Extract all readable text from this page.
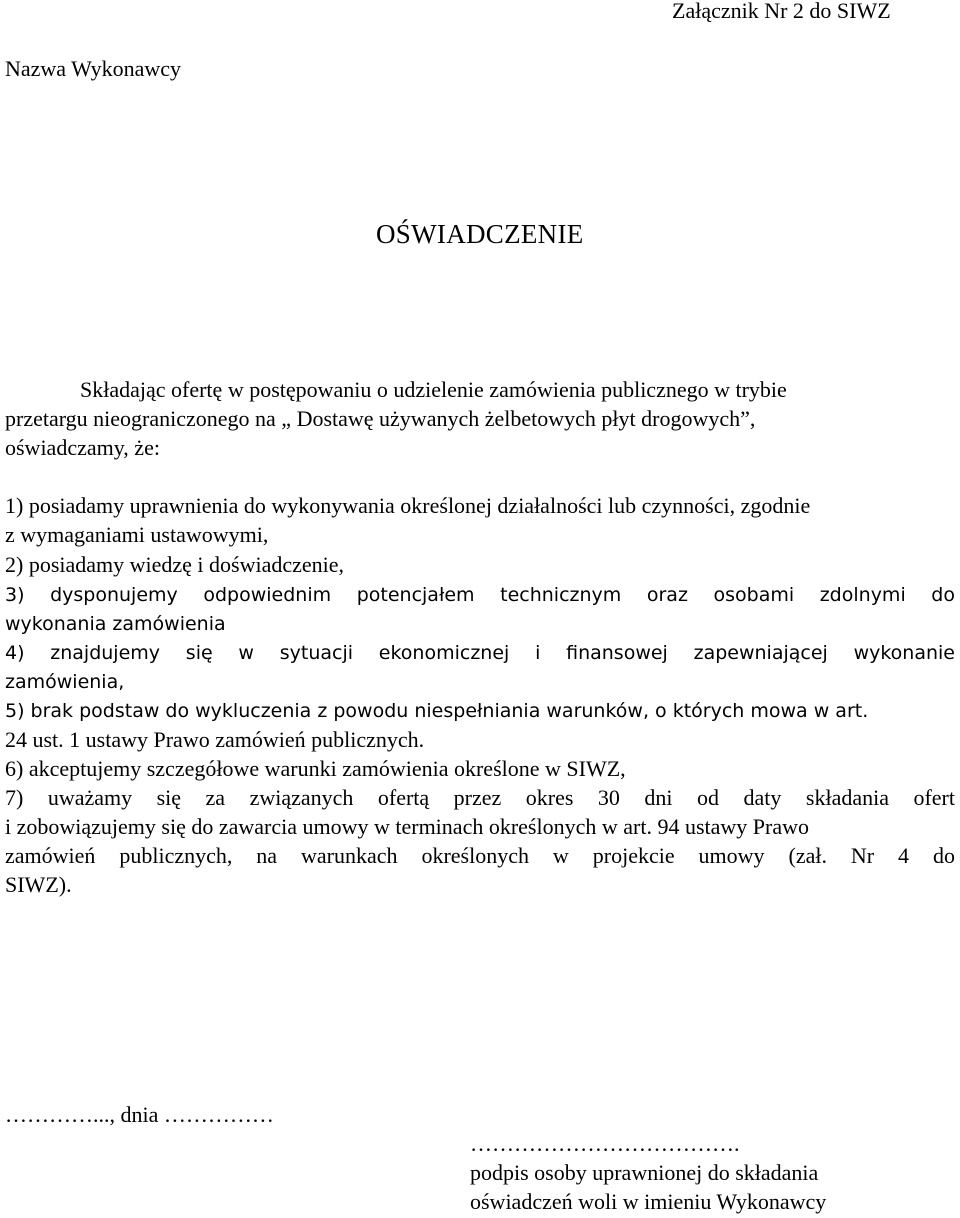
Załącznik Nr 2 do SIWZ
Nazwa Wykonawcy
OŚWIADCZENIE
Składając ofertę w postępowaniu o udzielenie zamówienia publicznego w trybie
przetargu nieograniczonego na „ Dostawę używanych żelbetowych płyt drogowych”,
oświadczamy, że:
1) posiadamy uprawnienia do wykonywania określonej działalności lub czynności, zgodnie
z wymaganiami ustawowymi,
2) posiadamy wiedzę i doświadczenie,
3) dysponujemy odpowiednim potencjałem technicznym oraz osobami zdolnymi do
wykonania zamówienia
4) znajdujemy się w sytuacji ekonomicznej i finansowej zapewniającej wykonanie
zamówienia,
5) brak podstaw do wykluczenia z powodu niespełniania warunków, o których mowa w art.
24 ust. 1 ustawy Prawo zamówień publicznych.
6) akceptujemy szczegółowe warunki zamówienia określone w SIWZ,
7) uważamy się za związanych ofertą przez okres 30 dni od daty składania ofert
i zobowiązujemy się do zawarcia umowy w terminach określonych w art. 94 ustawy Prawo
zamówień publicznych, na warunkach określonych w projekcie umowy (zał. Nr 4 do
SIWZ).
…………..., dnia ……………
……………………………….
podpis osoby uprawnionej do składania
oświadczeń woli w imieniu Wykonawcy
